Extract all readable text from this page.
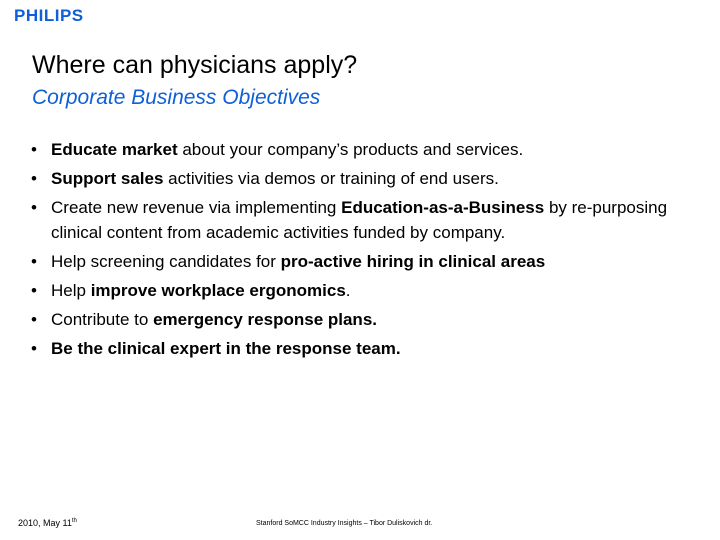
PHILIPS
Where can physicians apply?
Corporate Business Objectives
• Educate market about your company’s products and services.
• Support sales activities via demos or training of end users.
• Create new revenue via implementing Education-as-a-Business by re-purposing clinical content from academic activities funded by company.
• Help screening candidates for pro-active hiring in clinical areas
• Help improve workplace ergonomics.
• Contribute to emergency response plans.
• Be the clinical expert in the response team.
2010, May 11th	Stanford SoMCC Industry Insights – Tibor Duliskovich dr.
